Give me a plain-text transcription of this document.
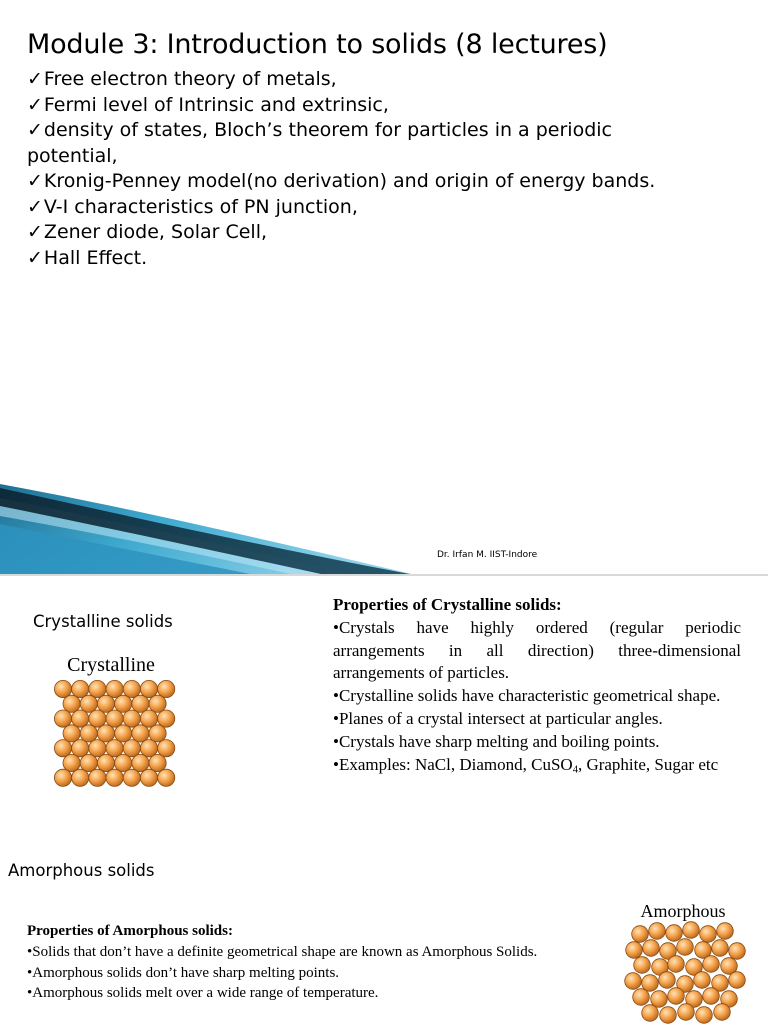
Module 3: Introduction to solids (8 lectures)
✓Free electron theory of metals,
✓Fermi level of Intrinsic and extrinsic,
✓density of states, Bloch’s theorem for particles in a periodic potential,
✓Kronig-Penney model(no derivation) and origin of energy bands.
✓V-I characteristics of PN junction,
✓Zener diode, Solar Cell,
✓Hall Effect.
Dr. Irfan M. IIST-Indore
Crystalline solids
Crystalline

Properties of Crystalline solids:

•Crystals have highly ordered (regular periodic arrangements in all direction) three-dimensional arrangements of particles.

•Crystalline solids have characteristic geometrical shape.

•Planes of a crystal intersect at particular angles.

•Crystals have sharp melting and boiling points.

•Examples: NaCl, Diamond, CuSO$_4$, Graphite, Sugar etc

Amorphous solids

Properties of Amorphous solids:

•Solids that don’t have a definite geometrical shape are known as Amorphous Solids.

•Amorphous solids don’t have sharp melting points.

•Amorphous solids melt over a wide range of temperature.

Amorphous
